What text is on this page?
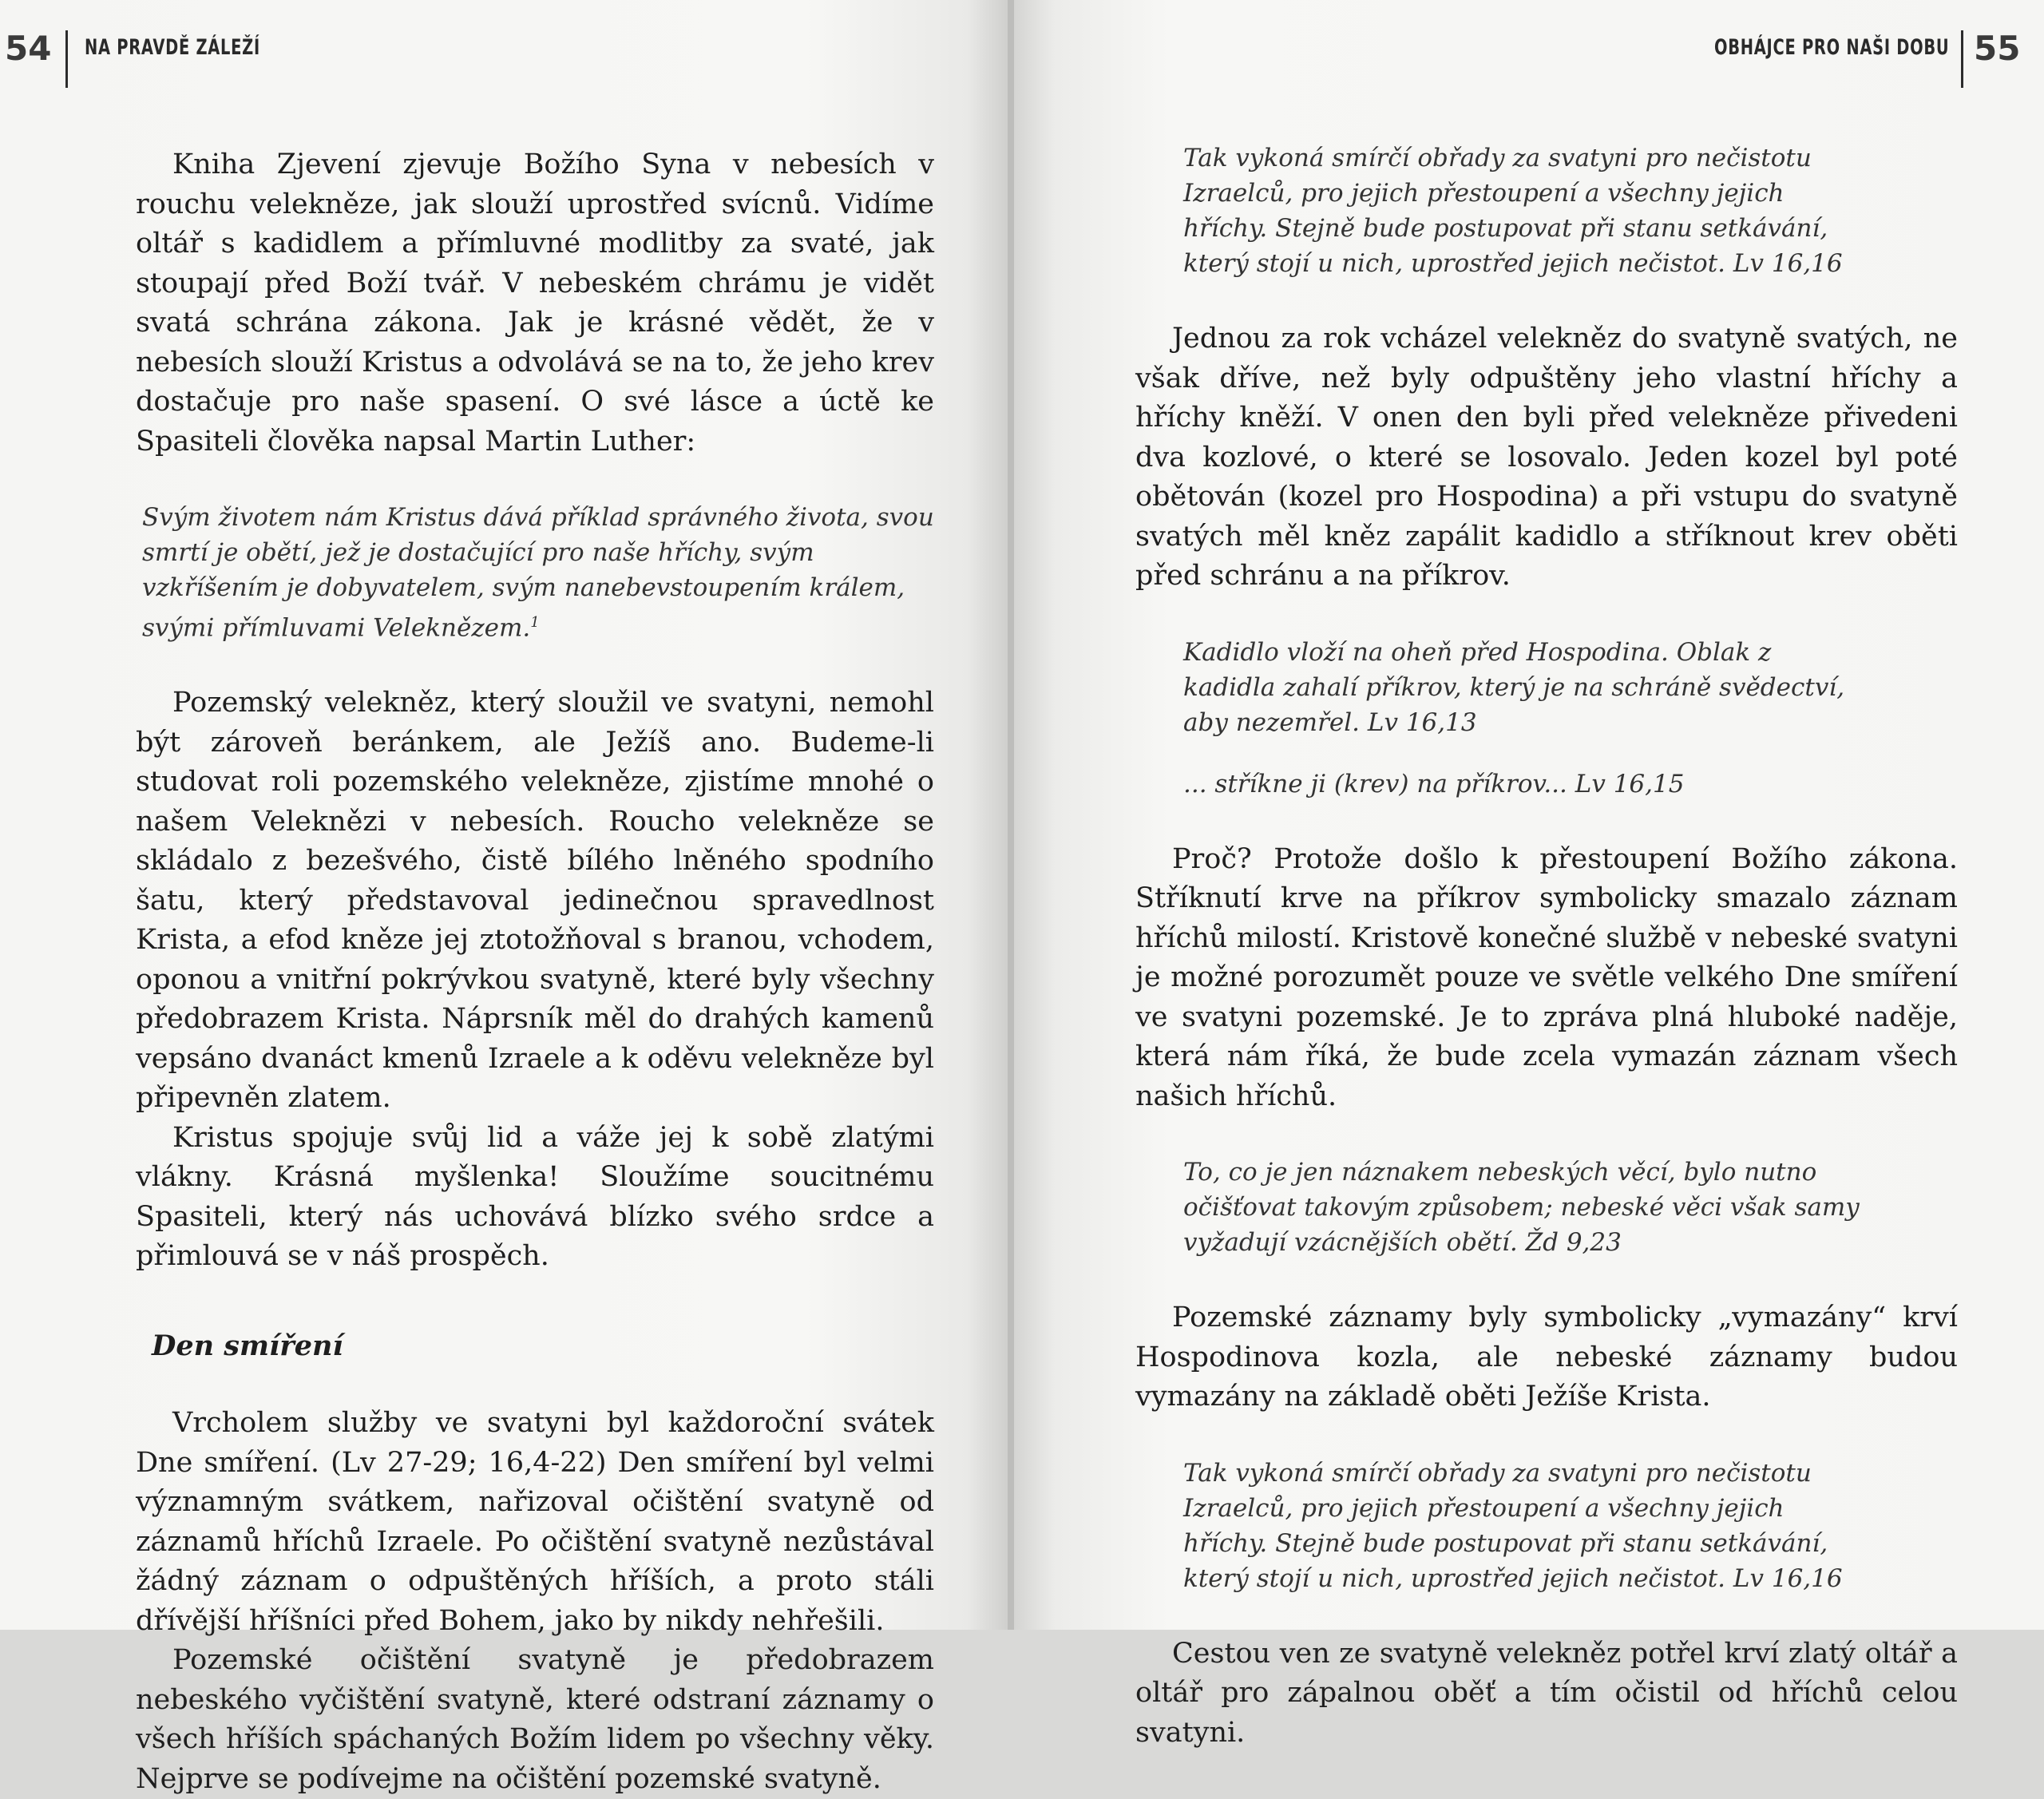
54 NA PRAVDĚ ZÁLEŽÍ

Kniha Zjevení zjevuje Božího Syna v nebesích v rouchu velekněze, jak slouží uprostřed svícnů. Vidíme oltář s kadidlem a přímluvné modlitby za svaté, jak stoupají před Boží tvář. V nebeském chrámu je vidět svatá schrána zákona. Jak je krásné vědět, že v nebesích slouží Kristus a odvolává se na to, že jeho krev dostačuje pro naše spasení. O své lásce a úctě ke Spasiteli člověka napsal Martin Luther:

Svým životem nám Kristus dává příklad správného života, svou smrtí je obětí, jež je dostačující pro naše hříchy, svým vzkříšením je dobyvatelem, svým nanebevstoupením králem, svými přímluvami Veleknězem.$^1$

Pozemský velekněz, který sloužil ve svatyni, nemohl být zároveň beránkem, ale Ježíš ano. Budeme-li studovat roli pozemského velekněze, zjistíme mnohé o našem Veleknězi v nebesích. Roucho velekněze se skládalo z bezešvého, čistě bílého lněného spodního šatu, který představoval jedinečnou spravedlnost Krista, a efod kněze jej ztotožňoval s branou, vchodem, oponou a vnitřní pokrývkou svatyně, které byly všechny předobrazem Krista. Náprsník měl do drahých kamenů vepsáno dvanáct kmenů Izraele a k oděvu velekněze byl připevněn zlatem.

Kristus spojuje svůj lid a váže jej k sobě zlatými vlákny. Krásná myšlenka! Sloužíme soucitnému Spasiteli, který nás uchovává blízko svého srdce a přimlouvá se v náš prospěch.

Den smíření

Vrcholem služby ve svatyni byl každoroční svátek Dne smíření. (Lv 27-29; 16,4-22) Den smíření byl velmi významným svátkem, nařizoval očištění svatyně od záznamů hříchů Izraele. Po očištění svatyně nezůstával žádný záznam o odpuštěných hříších, a proto stáli dřívější hříšníci před Bohem, jako by nikdy nehřešili.

Pozemské očištění svatyně je předobrazem nebeského vyčištění svatyně, které odstraní záznamy o všech hříších spáchaných Božím lidem po všechny věky. Nejprve se podívejme na očištění pozemské svatyně.

OBHÁJCE PRO NAŠI DOBU 55

Tak vykoná smírčí obřady za svatyni pro nečistotu Izraelců, pro jejich přestoupení a všechny jejich hříchy. Stejně bude postupovat při stanu setkávání, který stojí u nich, uprostřed jejich nečistot. Lv 16,16

Jednou za rok vcházel velekněz do svatyně svatých, ne však dříve, než byly odpuštěny jeho vlastní hříchy a hříchy kněží. V onen den byli před velekněze přivedeni dva kozlové, o které se losovalo. Jeden kozel byl poté obětován (kozel pro Hospodina) a při vstupu do svatyně svatých měl kněz zapálit kadidlo a stříknout krev oběti před schránu a na příkrov.

Kadidlo vloží na oheň před Hospodina. Oblak z kadidla zahalí příkrov, který je na schráně svědectví, aby nezemřel. Lv 16,13

... stříkne ji (krev) na příkrov... Lv 16,15

Proč? Protože došlo k přestoupení Božího zákona. Stříknutí krve na příkrov symbolicky smazalo záznam hříchů milostí. Kristově konečné službě v nebeské svatyni je možné porozumět pouze ve světle velkého Dne smíření ve svatyni pozemské. Je to zpráva plná hluboké naděje, která nám říká, že bude zcela vymazán záznam všech našich hříchů.

To, co je jen náznakem nebeských věcí, bylo nutno očišťovat takovým způsobem; nebeské věci však samy vyžadují vzácnějších obětí. Žd 9,23

Pozemské záznamy byly symbolicky „vymazány“ krví Hospodinova kozla, ale nebeské záznamy budou vymazány na základě oběti Ježíše Krista.

Tak vykoná smírčí obřady za svatyni pro nečistotu Izraelců, pro jejich přestoupení a všechny jejich hříchy. Stejně bude postupovat při stanu setkávání, který stojí u nich, uprostřed jejich nečistot. Lv 16,16

Cestou ven ze svatyně velekněz potřel krví zlatý oltář a oltář pro zápalnou oběť a tím očistil od hříchů celou svatyni.
